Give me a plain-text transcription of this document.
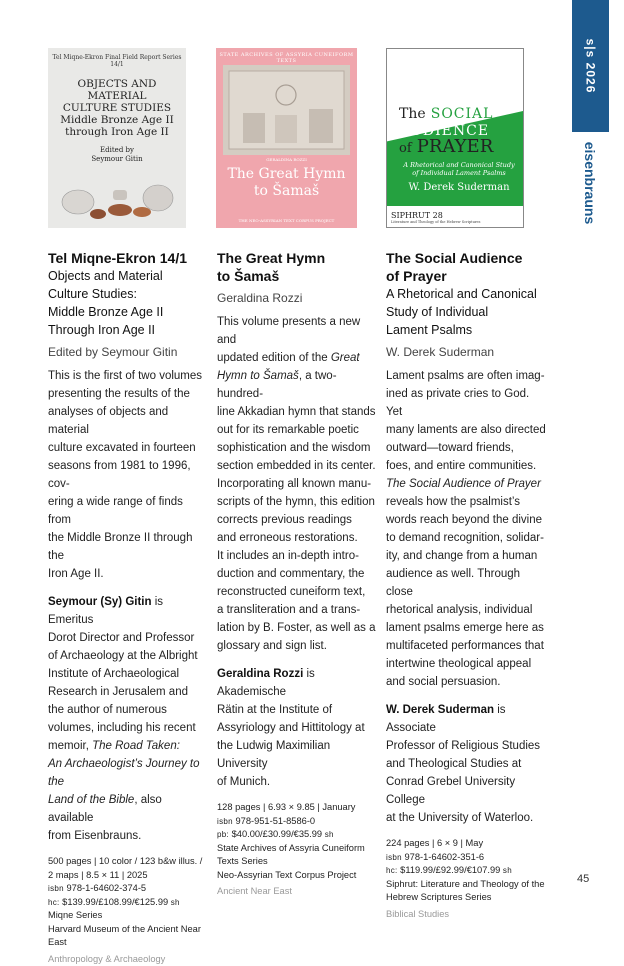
s|s 2026
eisenbrauns
Tel Miqne-Ekron Final Field Report Series 14/1
OBJECTS AND MATERIAL
CULTURE STUDIES
Middle Bronze Age II
through Iron Age II
Edited by
Seymour Gitin
STATE ARCHIVES OF ASSYRIA CUNEIFORM TEXTS
GERALDINA ROZZI
The Great Hymn
to Šamaš
THE NEO-ASSYRIAN TEXT CORPUS PROJECT
The SOCIAL
AUDIENCE
of PRAYER
A Rhetorical and Canonical Study
of Individual Lament Psalms
W. Derek Suderman
SIPHRUT 28
Literature and Theology of the Hebrew Scriptures
Tel Miqne-Ekron 14/1
Objects and Material
Culture Studies:
Middle Bronze Age II
Through Iron Age II
Edited by Seymour Gitin
This is the first of two volumes
presenting the results of the
analyses of objects and material
culture excavated in fourteen
seasons from 1981 to 1996, cov-
ering a wide range of finds from
the Middle Bronze II through the
Iron Age II.
Seymour (Sy) Gitin is Emeritus
Dorot Director and Professor
of Archaeology at the Albright
Institute of Archaeological
Research in Jerusalem and
the author of numerous
volumes, including his recent
memoir, The Road Taken:
An Archaeologist’s Journey to the
Land of the Bible, also available
from Eisenbrauns.
500 pages | 10 color / 123 b&w illus. /
2 maps | 8.5 × 11 | 2025
isbn 978-1-64602-374-5
hc: $139.99/£108.99/€125.99 sh
Miqne Series
Harvard Museum of the Ancient Near
East
Anthropology & Archaeology
The Great Hymn
to Šamaš
Geraldina Rozzi
This volume presents a new and
updated edition of the Great
Hymn to Šamaš, a two-hundred-
line Akkadian hymn that stands
out for its remarkable poetic
sophistication and the wisdom
section embedded in its center.
Incorporating all known manu-
scripts of the hymn, this edition
corrects previous readings
and erroneous restorations.
It includes an in-depth intro-
duction and commentary, the
reconstructed cuneiform text,
a transliteration and a trans-
lation by B. Foster, as well as a
glossary and sign list.
Geraldina Rozzi is Akademische
Rätin at the Institute of
Assyriology and Hittitology at
the Ludwig Maximilian University
of Munich.
128 pages | 6.93 × 9.85 | January
isbn 978-951-51-8586-0
pb: $40.00/£30.99/€35.99 sh
State Archives of Assyria Cuneiform
Texts Series
Neo-Assyrian Text Corpus Project
Ancient Near East
The Social Audience
of Prayer
A Rhetorical and Canonical
Study of Individual
Lament Psalms
W. Derek Suderman
Lament psalms are often imag-
ined as private cries to God. Yet
many laments are also directed
outward—toward friends,
foes, and entire communities.
The Social Audience of Prayer
reveals how the psalmist’s
words reach beyond the divine
to demand recognition, solidar-
ity, and change from a human
audience as well. Through close
rhetorical analysis, individual
lament psalms emerge here as
multifaceted performances that
intertwine theological appeal
and social persuasion.
W. Derek Suderman is Associate
Professor of Religious Studies
and Theological Studies at
Conrad Grebel University College
at the University of Waterloo.
224 pages | 6 × 9 | May
isbn 978-1-64602-351-6
hc: $119.99/£92.99/€107.99 sh
Siphrut: Literature and Theology of the
Hebrew Scriptures Series
Biblical Studies
45
